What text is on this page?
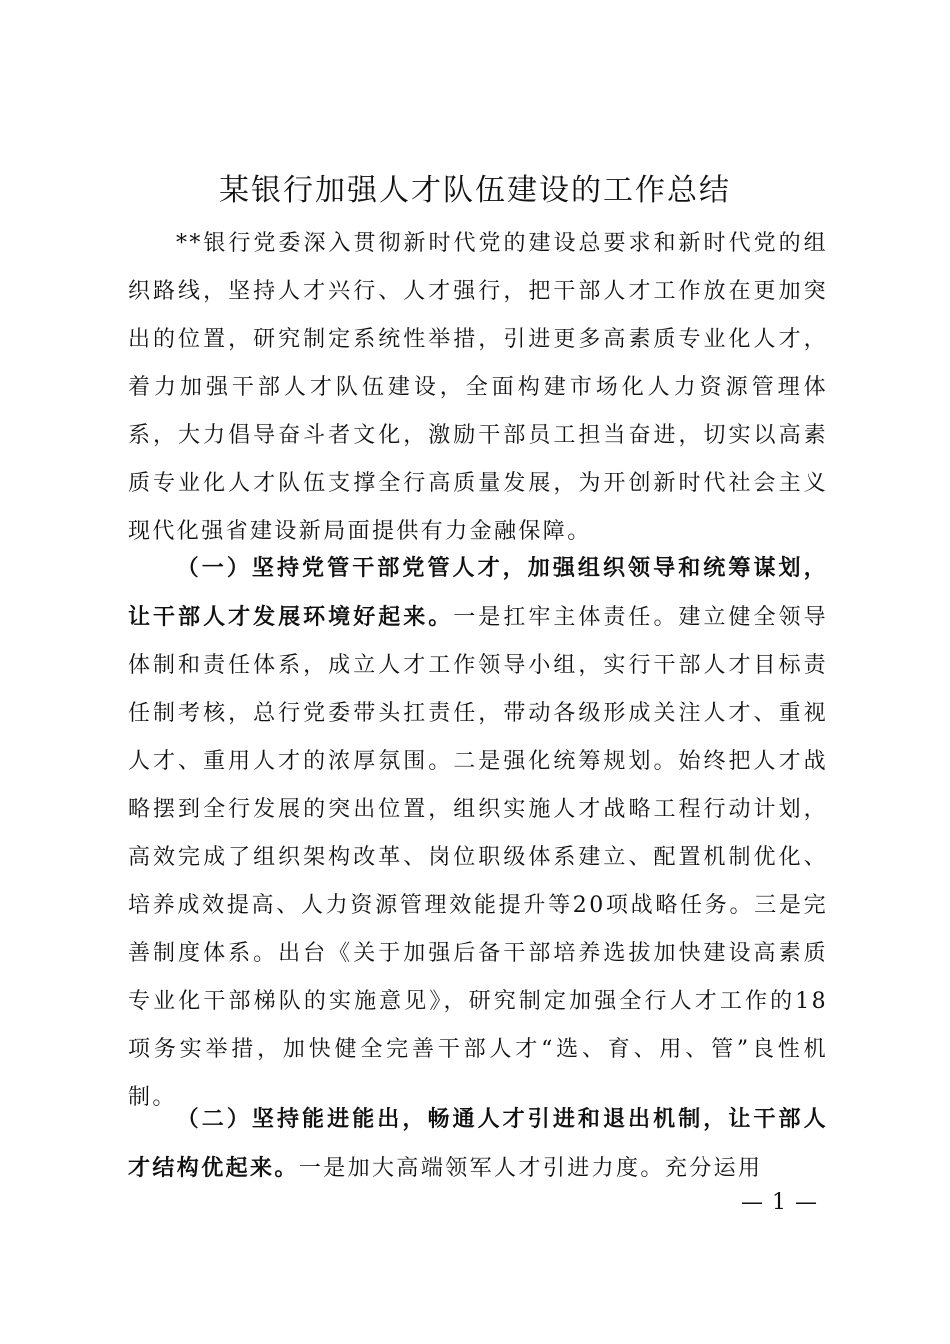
某银行加强人才队伍建设的工作总结

**银行党委深入贯彻新时代党的建设总要求和新时代党的组织路线，坚持人才兴行、人才强行，把干部人才工作放在更加突出的位置，研究制定系统性举措，引进更多高素质专业化人才，着力加强干部人才队伍建设，全面构建市场化人力资源管理体系，大力倡导奋斗者文化，激励干部员工担当奋进，切实以高素质专业化人才队伍支撑全行高质量发展，为开创新时代社会主义现代化强省建设新局面提供有力金融保障。

（一）坚持党管干部党管人才，加强组织领导和统筹谋划，让干部人才发展环境好起来。一是扛牢主体责任。建立健全领导体制和责任体系，成立人才工作领导小组，实行干部人才目标责任制考核，总行党委带头扛责任，带动各级形成关注人才、重视人才、重用人才的浓厚氛围。二是强化统筹规划。始终把人才战略摆到全行发展的突出位置，组织实施人才战略工程行动计划，高效完成了组织架构改革、岗位职级体系建立、配置机制优化、培养成效提高、人力资源管理效能提升等20项战略任务。三是完善制度体系。出台《关于加强后备干部培养选拔加快建设高素质专业化干部梯队的实施意见》，研究制定加强全行人才工作的18项务实举措，加快健全完善干部人才“选、育、用、管”良性机制。

（二）坚持能进能出，畅通人才引进和退出机制，让干部人才结构优起来。一是加大高端领军人才引进力度。充分运用

— 1 —
